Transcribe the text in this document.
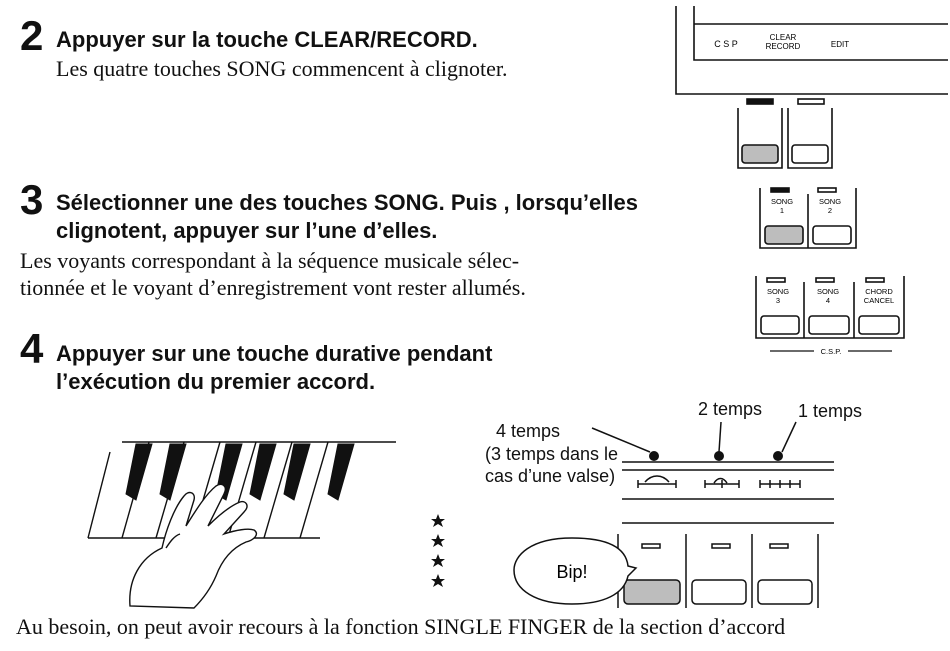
2 Appuyer sur la touche CLEAR/RECORD.
Les quatre touches SONG commencent à clignoter.
3 Sélectionner une des touches SONG. Puis , lorsqu’elles
clignotent, appuyer sur l’une d’elles.
Les voyants correspondant à la séquence musicale sélec-
tionnée et le voyant d’enregistrement vont rester allumés.
4 Appuyer sur une touche durative pendant
l’exécution du premier accord.
Au besoin, on peut avoir recours à la fonction SINGLE FINGER de la section d’accord
C S P
CLEAR
RECORD	EDIT
SONG
1
SONG
2
SONG
3
SONG
4
CHORD
CANCEL
C.S.P.
2 temps 1 temps
4 temps
(3 temps dans le
cas d’une valse)
Bip!
